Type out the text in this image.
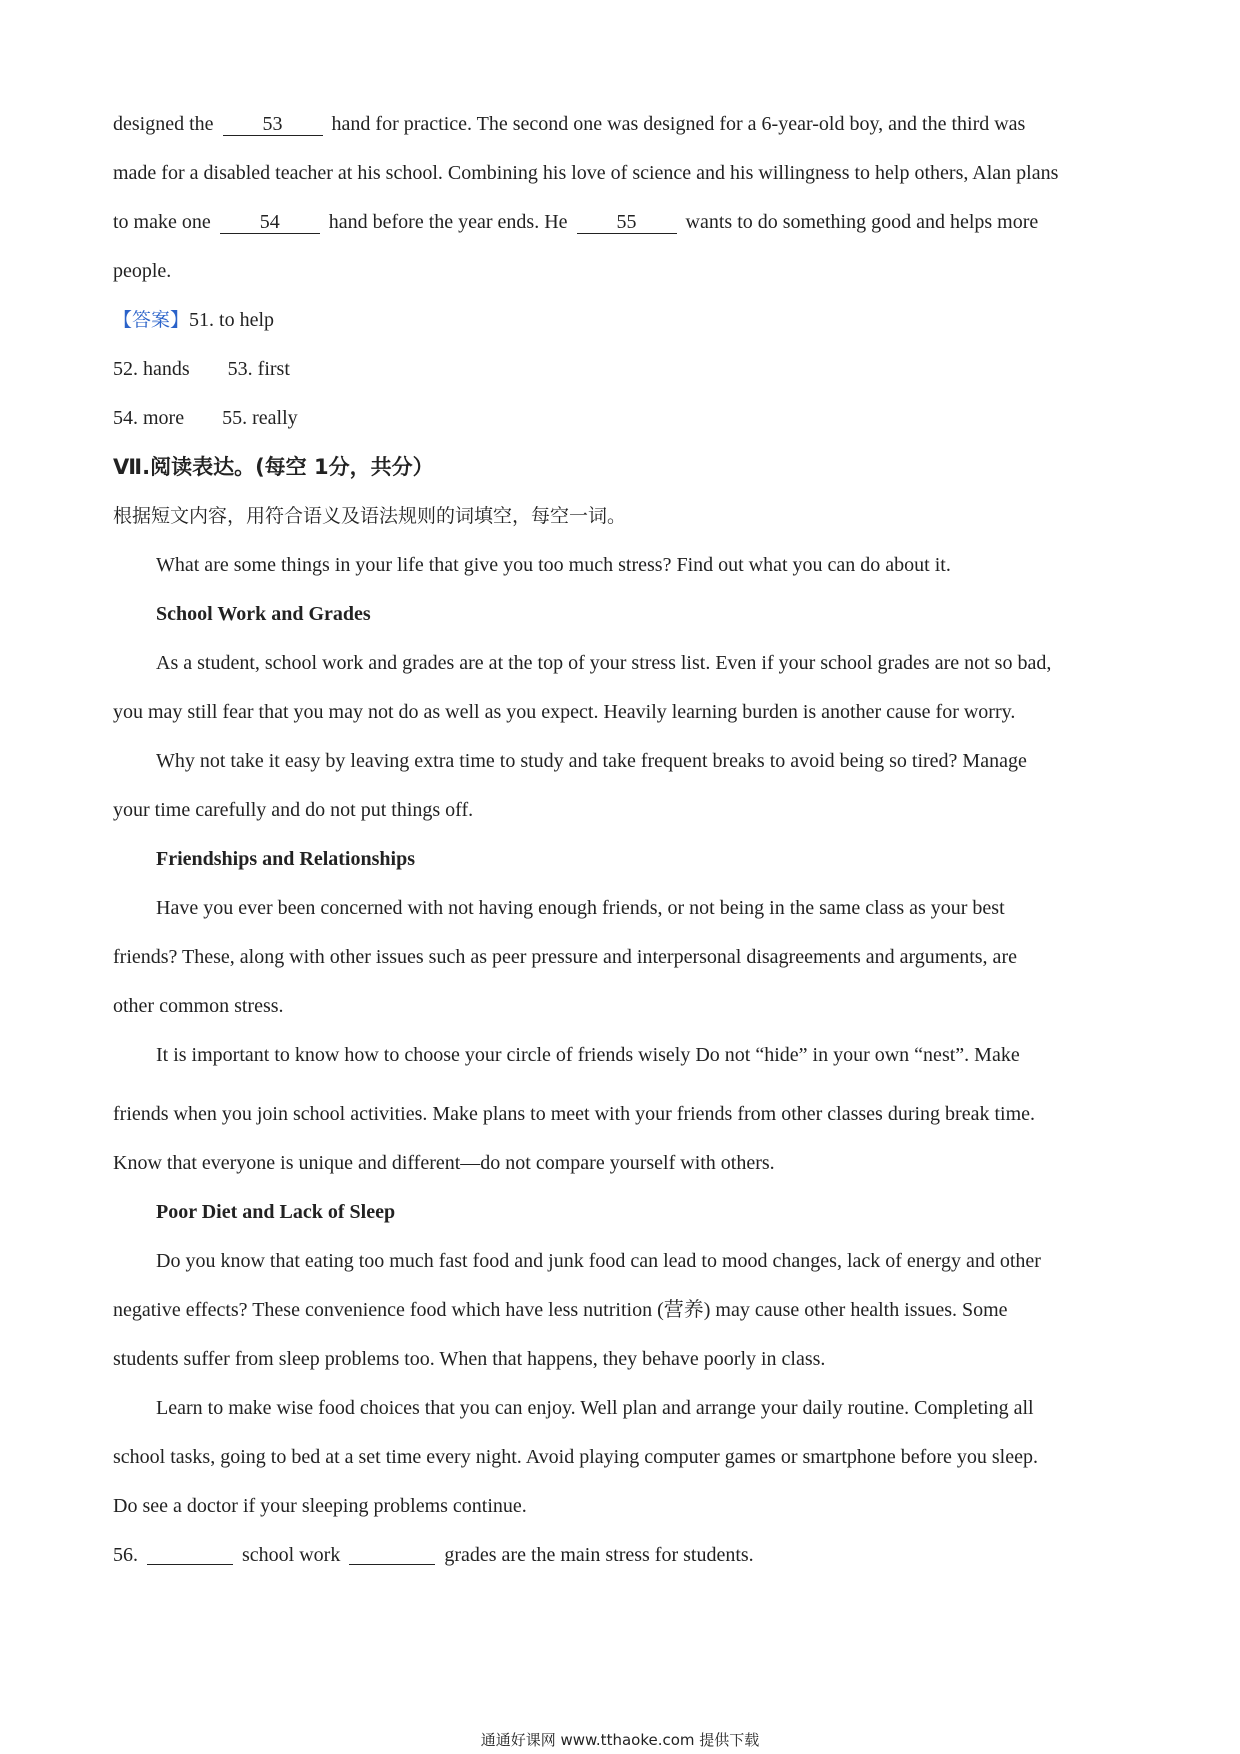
designed the 53 hand for practice. The second one was designed for a 6-year-old boy, and the third was
made for a disabled teacher at his school. Combining his love of science and his willingness to help others, Alan plans
to make one 54 hand before the year ends. He 55 wants to do something good and helps more
people.
【答案】51. to help
52. hands 53. first
54. more 55. really
Ⅶ.阅读表达。(每空 1分，共分）
根据短文内容，用符合语义及语法规则的词填空，每空一词。
What are some things in your life that give you too much stress? Find out what you can do about it.
School Work and Grades
As a student, school work and grades are at the top of your stress list. Even if your school grades are not so bad,
you may still fear that you may not do as well as you expect. Heavily learning burden is another cause for worry.
Why not take it easy by leaving extra time to study and take frequent breaks to avoid being so tired? Manage
your time carefully and do not put things off.
Friendships and Relationships
Have you ever been concerned with not having enough friends, or not being in the same class as your best
friends? These, along with other issues such as peer pressure and interpersonal disagreements and arguments, are
other common stress.
It is important to know how to choose your circle of friends wisely Do not “hide” in your own “nest”. Make
friends when you join school activities. Make plans to meet with your friends from other classes during break time.
Know that everyone is unique and different—do not compare yourself with others.
Poor Diet and Lack of Sleep
Do you know that eating too much fast food and junk food can lead to mood changes, lack of energy and other
negative effects? These convenience food which have less nutrition (营养) may cause other health issues. Some
students suffer from sleep problems too. When that happens, they behave poorly in class.
Learn to make wise food choices that you can enjoy. Well plan and arrange your daily routine. Completing all
school tasks, going to bed at a set time every night. Avoid playing computer games or smartphone before you sleep.
Do see a doctor if your sleeping problems continue.
56.	school work	grades are the main stress for students.
通通好课网 www.tthaoke.com 提供下载
